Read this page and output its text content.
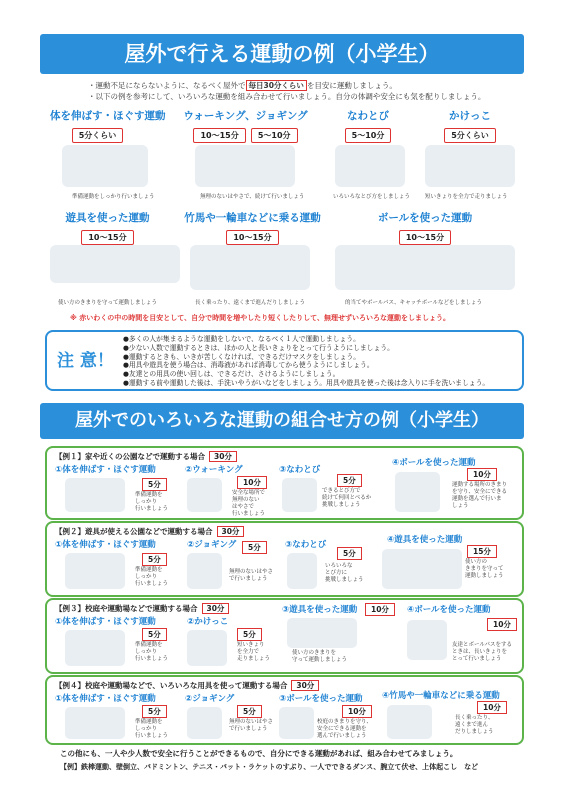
屋外で行える運動の例（小学生）
・運動不足にならないように、なるべく屋外で 毎日30分くらい を目安に運動しましょう。
・以下の例を参考にして、いろいろな運動を組み合わせて行いましょう。自分の体調や安全にも気を配りしましょう。
体を伸ばす・ほぐす運動
5分くらい
準備運動をしっかり行いましょう
ウォーキング、ジョギング
10〜15分 5〜10分
無理のないはやさで、続けて行いましょう
なわとび
5〜10分
いろいろなとび方をしましょう
かけっこ
5分くらい
短いきょりを全力で走りましょう
遊具を使った運動
10〜15分
使い方のきまりを守って運動しましょう
竹馬や一輪車などに乗る運動
10〜15分
長く乗ったり、遠くまで進んだりしましょう
ボールを使った運動
10〜15分
的当てやボールパス、キャッチボールなどをしましょう
※ 赤いわくの中の時間を目安として、自分で時間を増やしたり短くしたりして、無理せずいろいろな運動をしましょう。
注 意！
●多くの人が集まるような運動をしないで、なるべく１人で運動しましょう。
●少ない人数で運動するときは、ほかの人と長いきょりをとって行うようにしましょう。
●運動するときも、いきが苦しくなければ、できるだけマスクをしましょう。
●用具や遊具を使う場合は、消毒液があれば消毒してから使うようにしましょう。
●友達との用具の使い回しは、できるだけ、さけるようにしましょう。
●運動する前や運動した後は、手洗いやうがいなどをしましょう。用具や遊具を使った後は念入りに手を洗いましょう。
屋外でのいろいろな運動の組合せ方の例（小学生）
【例１】家や近くの公園などで運動する場合 30分
①体を伸ばす・ほぐす運動
5分
準備運動を
しっかり
行いましょう
②ウォーキング
10分
安全な場所で
無理のない
はやさで
行いましょう
③なわとび
5分
できるとび方で
続けて何回とべるか
挑戦しましょう
④ボールを使った運動
10分
運動する場所のきまり
を守り、安全にできる
運動を選んで行いま
しょう
【例２】遊具が使える公園などで運動する場合 30分
①体を伸ばす・ほぐす運動
5分
準備運動を
しっかり
行いましょう
②ジョギング	5分
無理のないはやさ
で行いましょう
③なわとび
5分
いろいろな
とび方に
挑戦しましょう
④遊具を使った運動
15分
使い方の
きまりを守って
運動しましょう
【例３】校庭や運動場などで運動する場合 30分
①体を伸ばす・ほぐす運動
5分
準備運動を
しっかり
行いましょう
②かけっこ
5分
短いきょり
を全力で
走りましょう
③遊具を使った運動	10分
使い方のきまりを
守って運動しましょう
④ボールを使った運動
10分
友達とボールパスをする
ときは、長いきょりを
とって行いましょう
【例４】校庭や運動場などで、いろいろな用具を使って運動する場合 30分
①体を伸ばす・ほぐす運動
5分
準備運動を
しっかり
行いましょう
②ジョギング
5分
無理のないはやさ
で行いましょう
③ボールを使った運動
10分
校庭のきまりを守り、
安全にできる運動を
選んで行いましょう
④竹馬や一輪車などに乗る運動
10分
長く乗ったり、
遠くまで進ん
だりしましょう
この他にも、一人や少人数で安全に行うことができるもので、自分にできる運動があれば、組み合わせてみましょう。
【例】鉄棒運動、壁倒立、バドミントン、テニス・バット・ラケットのすぶり、一人でできるダンス、腕立て伏せ、上体起こし　など
